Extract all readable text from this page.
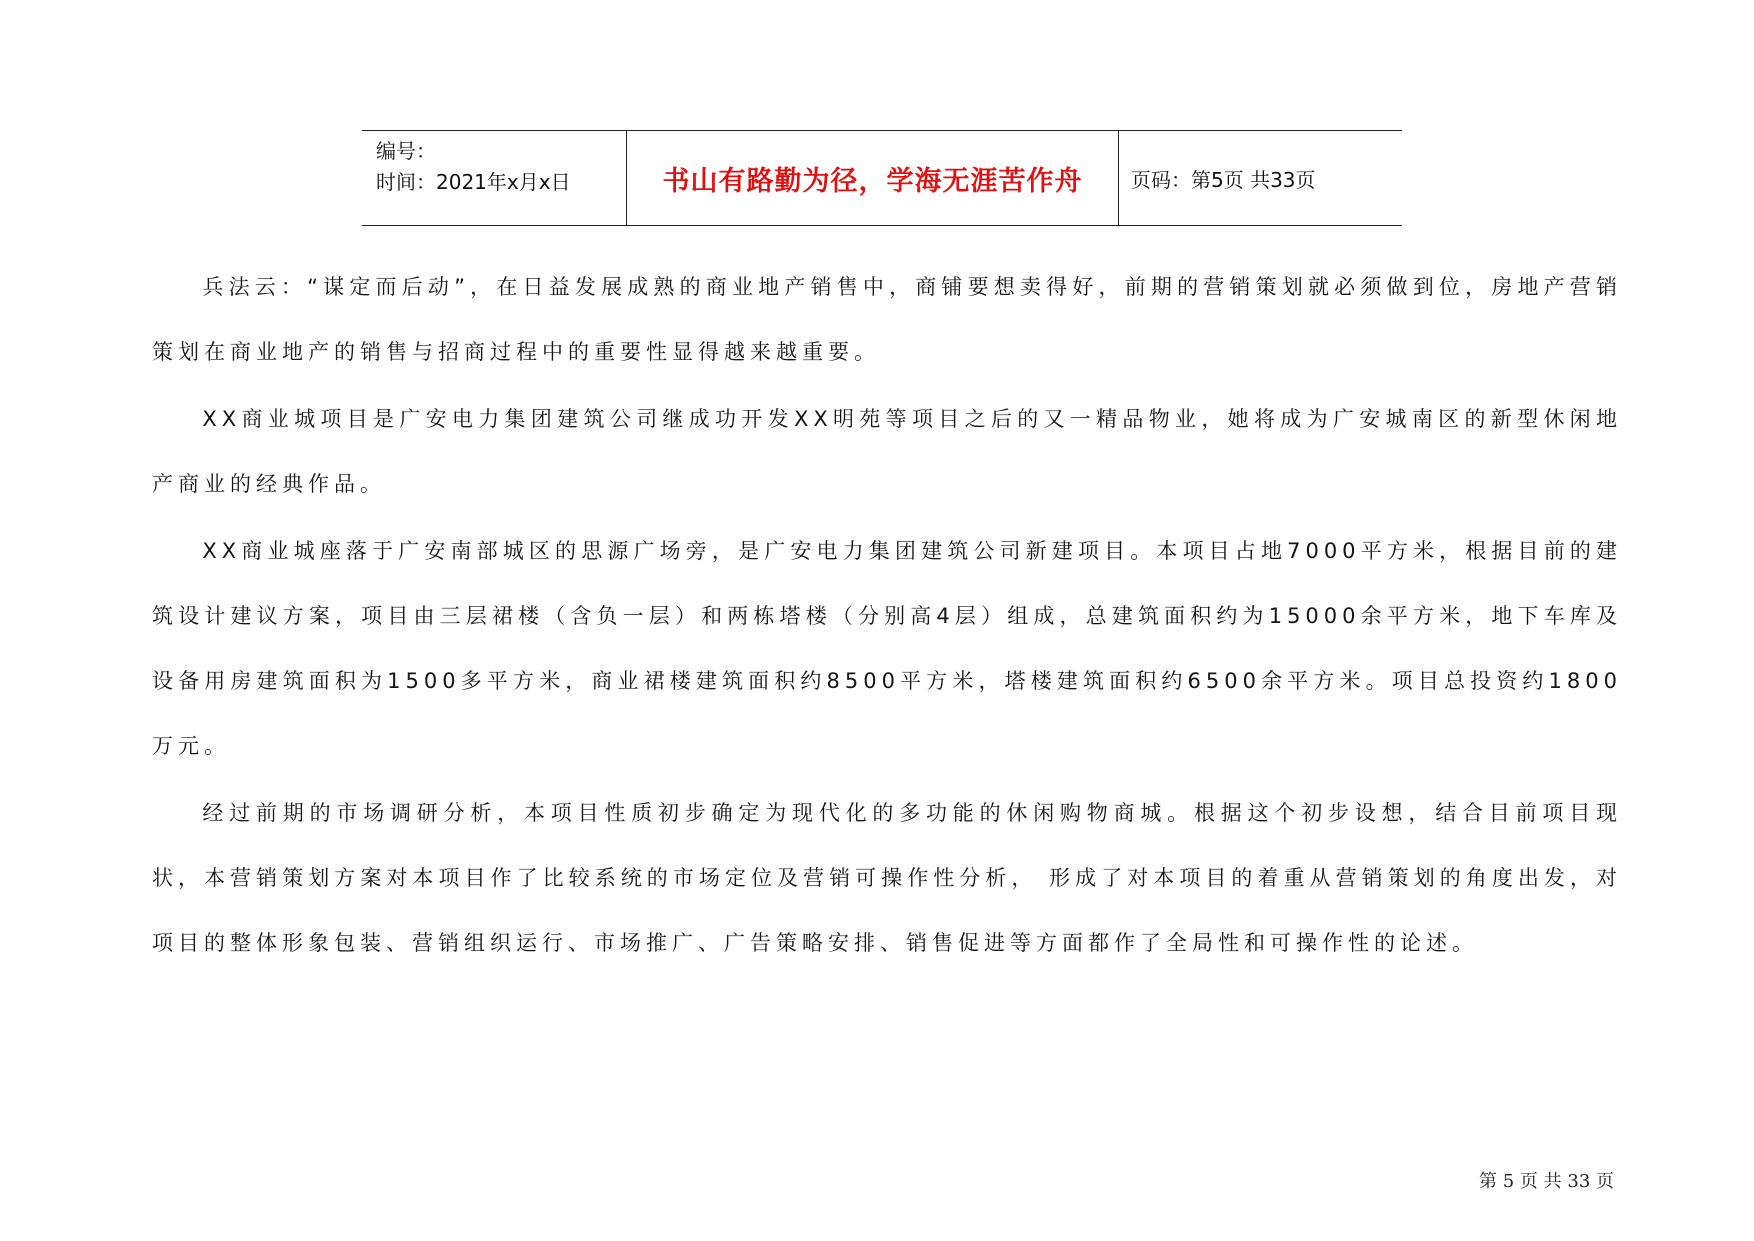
编号：
时间：2021年x月x日	书山有路勤为径，学海无涯苦作舟	页码：第5页 共33页

兵法云：“谋定而后动”，在日益发展成熟的商业地产销售中，商铺要想卖得好，前期的营销策划就必须做到位，房地产营销策划在商业地产的销售与招商过程中的重要性显得越来越重要。

XX商业城项目是广安电力集团建筑公司继成功开发XX明苑等项目之后的又一精品物业，她将成为广安城南区的新型休闲地产商业的经典作品。

XX商业城座落于广安南部城区的思源广场旁，是广安电力集团建筑公司新建项目。本项目占地7000平方米，根据目前的建筑设计建议方案，项目由三层裙楼（含负一层）和两栋塔楼（分别高4层）组成，总建筑面积约为15000余平方米，地下车库及设备用房建筑面积为1500多平方米，商业裙楼建筑面积约8500平方米，塔楼建筑面积约6500余平方米。项目总投资约1800万元。

经过前期的市场调研分析，本项目性质初步确定为现代化的多功能的休闲购物商城。根据这个初步设想，结合目前项目现状，本营销策划方案对本项目作了比较系统的市场定位及营销可操作性分析， 形成了对本项目的着重从营销策划的角度出发，对项目的整体形象包装、营销组织运行、市场推广、广告策略安排、销售促进等方面都作了全局性和可操作性的论述。

第 5 页 共 33 页
